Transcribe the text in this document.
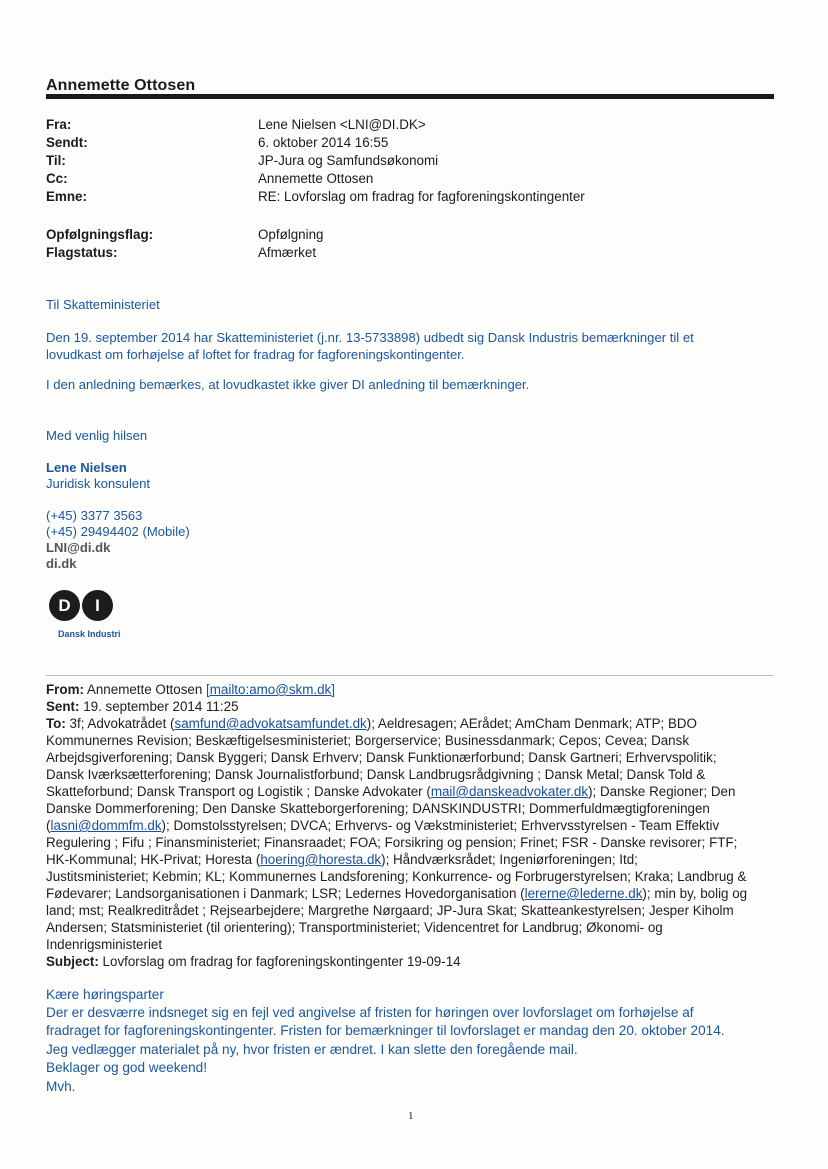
Annemette Ottosen
Fra:	Lene Nielsen <LNI@DI.DK>
Sendt:	6. oktober 2014 16:55
Til:	JP-Jura og Samfundsøkonomi
Cc:	Annemette Ottosen
Emne:	RE: Lovforslag om fradrag for fagforeningskontingenter
Opfølgningsflag:	Opfølgning
Flagstatus:	Afmærket
Til Skatteministeriet
Den 19. september 2014 har Skatteministeriet (j.nr. 13-5733898) udbedt sig Dansk Industris bemærkninger til et
lovudkast om forhøjelse af loftet for fradrag for fagforeningskontingenter.
I den anledning bemærkes, at lovudkastet ikke giver DI anledning til bemærkninger.
Med venlig hilsen
Lene Nielsen
Juridisk konsulent
(+45) 3377 3563
(+45) 29494402 (Mobile)
LNI@di.dk
di.dk
D	I
Dansk Industri
From: Annemette Ottosen [mailto:amo@skm.dk]
Sent: 19. september 2014 11:25
To: 3f; Advokatrådet (samfund@advokatsamfundet.dk); Aeldresagen; AErådet; AmCham Denmark; ATP; BDO
Kommunernes Revision; Beskæftigelsesministeriet; Borgerservice; Businessdanmark; Cepos; Cevea; Dansk
Arbejdsgiverforening; Dansk Byggeri; Dansk Erhverv; Dansk Funktionærforbund; Dansk Gartneri; Erhvervspolitik;
Dansk Iværksætterforening; Dansk Journalistforbund; Dansk Landbrugsrådgivning ; Dansk Metal; Dansk Told &
Skatteforbund; Dansk Transport og Logistik ; Danske Advokater (mail@danskeadvokater.dk); Danske Regioner; Den
Danske Dommerforening; Den Danske Skatteborgerforening; DANSKINDUSTRI; Dommerfuldmægtigforeningen
(lasni@dommfm.dk); Domstolsstyrelsen; DVCA; Erhvervs- og Vækstministeriet; Erhvervsstyrelsen - Team Effektiv
Regulering ; Fifu ; Finansministeriet; Finansraadet; FOA; Forsikring og pension; Frinet; FSR - Danske revisorer; FTF;
HK-Kommunal; HK-Privat; Horesta (hoering@horesta.dk); Håndværksrådet; Ingeniørforeningen; Itd;
Justitsministeriet; Kebmin; KL; Kommunernes Landsforening; Konkurrence- og Forbrugerstyrelsen; Kraka; Landbrug &
Fødevarer; Landsorganisationen i Danmark; LSR; Ledernes Hovedorganisation (lererne@lederne.dk); min by, bolig og
land; mst; Realkreditrådet ; Rejsearbejdere; Margrethe Nørgaard; JP-Jura Skat; Skatteankestyrelsen; Jesper Kiholm
Andersen; Statsministeriet (til orientering); Transportministeriet; Videncentret for Landbrug; Økonomi- og
Indenrigsministeriet
Subject: Lovforslag om fradrag for fagforeningskontingenter 19-09-14
Kære høringsparter
Der er desværre indsneget sig en fejl ved angivelse af fristen for høringen over lovforslaget om forhøjelse af
fradraget for fagforeningskontingenter. Fristen for bemærkninger til lovforslaget er mandag den 20. oktober 2014.
Jeg vedlægger materialet på ny, hvor fristen er ændret. I kan slette den foregående mail.
Beklager og god weekend!
Mvh.
1
